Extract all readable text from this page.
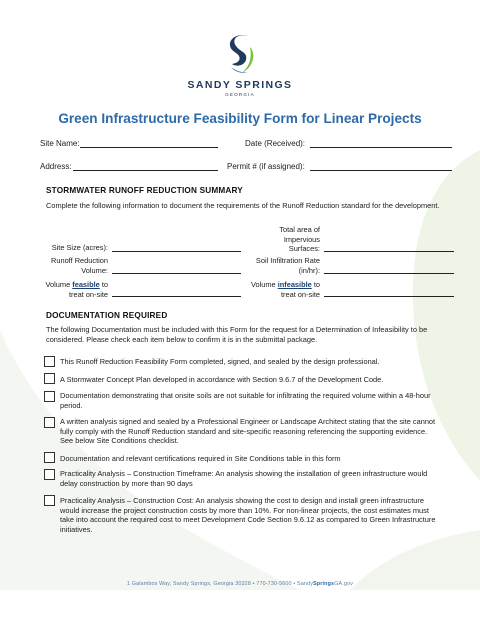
SANDY SPRINGS
GEORGIA
Green Infrastructure Feasibility Form for Linear Projects
Site Name:	Date (Received):
Address:	Permit # (if assigned):
STORMWATER RUNOFF REDUCTION SUMMARY
Complete the following information to document the requirements of the Runoff Reduction standard for the development.
Site Size (acres):
Total area of Impervious Surfaces:
Runoff Reduction Volume:
Soil Infiltration Rate (in/hr):
Volume feasible to treat on-site
Volume infeasible to treat on-site
DOCUMENTATION REQUIRED
The following Documentation must be included with this Form for the request for a Determination of Infeasibility to be considered. Please check each item below to confirm it is in the submittal package.
This Runoff Reduction Feasibility Form completed, signed, and sealed by the design professional.
A Stormwater Concept Plan developed in accordance with Section 9.6.7 of the Development Code.
Documentation demonstrating that onsite soils are not suitable for infiltrating the required volume within a 48-hour period.
A written analysis signed and sealed by a Professional Engineer or Landscape Architect stating that the site cannot fully comply with the Runoff Reduction standard and site-specific reasoning referencing the supporting evidence. See below Site Conditions checklist.
Documentation and relevant certifications required in Site Conditions table in this form
Practicality Analysis – Construction Timeframe: An analysis showing the installation of green infrastructure would delay construction by more than 90 days
Practicality Analysis – Construction Cost: An analysis showing the cost to design and install green infrastructure would increase the project construction costs by more than 10%. For non-linear projects, the cost estimates must take into account the required cost to meet Development Code Section 9.6.12 as compared to Green Infrastructure initiatives.
1 Galambos Way, Sandy Springs, Georgia 30328 • 770-730-5600 • SandySpringsGA.gov
